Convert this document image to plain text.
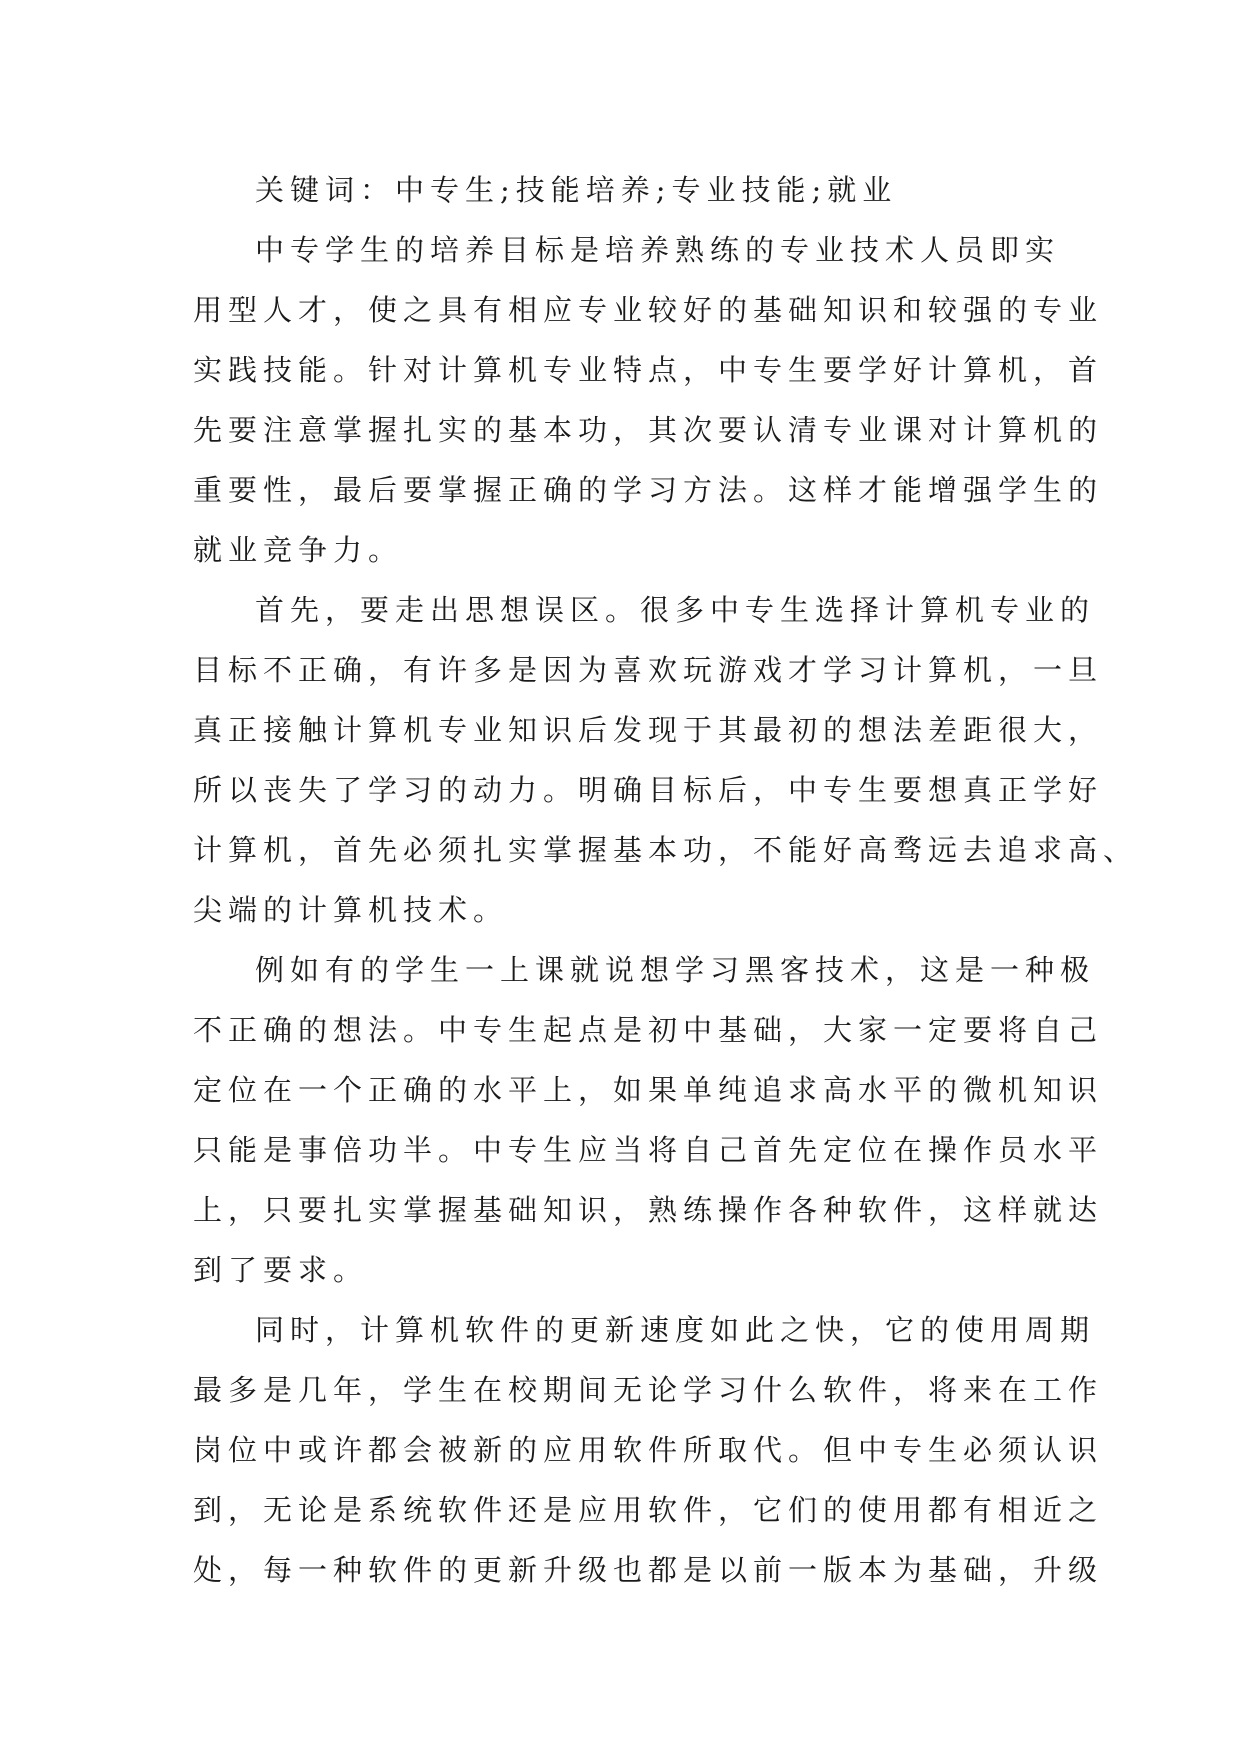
关键词：中专生;技能培养;专业技能;就业
中专学生的培养目标是培养熟练的专业技术人员即实
用型人才，使之具有相应专业较好的基础知识和较强的专业
实践技能。针对计算机专业特点，中专生要学好计算机，首
先要注意掌握扎实的基本功，其次要认清专业课对计算机的
重要性，最后要掌握正确的学习方法。这样才能增强学生的
就业竞争力。
首先，要走出思想误区。很多中专生选择计算机专业的
目标不正确，有许多是因为喜欢玩游戏才学习计算机，一旦
真正接触计算机专业知识后发现于其最初的想法差距很大，
所以丧失了学习的动力。明确目标后，中专生要想真正学好
计算机，首先必须扎实掌握基本功，不能好高骛远去追求高、
尖端的计算机技术。
例如有的学生一上课就说想学习黑客技术，这是一种极
不正确的想法。中专生起点是初中基础，大家一定要将自己
定位在一个正确的水平上，如果单纯追求高水平的微机知识
只能是事倍功半。中专生应当将自己首先定位在操作员水平
上，只要扎实掌握基础知识，熟练操作各种软件，这样就达
到了要求。
同时，计算机软件的更新速度如此之快，它的使用周期
最多是几年，学生在校期间无论学习什么软件，将来在工作
岗位中或许都会被新的应用软件所取代。但中专生必须认识
到，无论是系统软件还是应用软件，它们的使用都有相近之
处，每一种软件的更新升级也都是以前一版本为基础，升级
